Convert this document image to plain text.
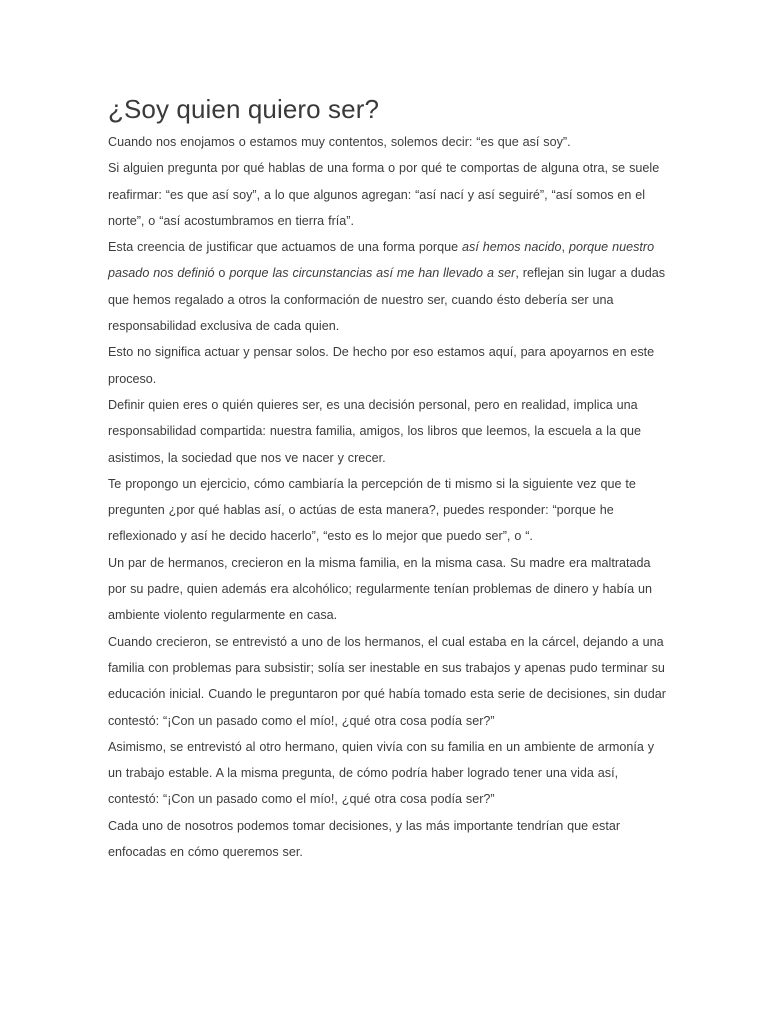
¿Soy quien quiero ser?

Cuando nos enojamos o estamos muy contentos, solemos decir: “es que así soy”.

Si alguien pregunta por qué hablas de una forma o por qué te comportas de alguna otra, se suele reafirmar: “es que así soy”, a lo que algunos agregan: “así nací y así seguiré”, “así somos en el norte”, o “así acostumbramos en tierra fría”.

Esta creencia de justificar que actuamos de una forma porque así hemos nacido, porque nuestro pasado nos definió o porque las circunstancias así me han llevado a ser, reflejan sin lugar a dudas que hemos regalado a otros la conformación de nuestro ser, cuando ésto debería ser una responsabilidad exclusiva de cada quien.

Esto no significa actuar y pensar solos. De hecho por eso estamos aquí, para apoyarnos en este proceso.

Definir quien eres o quién quieres ser, es una decisión personal, pero en realidad, implica una responsabilidad compartida: nuestra familia, amigos, los libros que leemos, la escuela a la que asistimos, la sociedad que nos ve nacer y crecer.

Te propongo un ejercicio, cómo cambiaría la percepción de ti mismo si la siguiente vez que te pregunten ¿por qué hablas así, o actúas de esta manera?, puedes responder: “porque he reflexionado y así he decido hacerlo”, “esto es lo mejor que puedo ser”, o “.

Un par de hermanos, crecieron en la misma familia, en la misma casa. Su madre era maltratada por su padre, quien además era alcohólico; regularmente tenían problemas de dinero y había un ambiente violento regularmente en casa.

Cuando crecieron, se entrevistó a uno de los hermanos, el cual estaba en la cárcel, dejando a una familia con problemas para subsistir; solía ser inestable en sus trabajos y apenas pudo terminar su educación inicial. Cuando le preguntaron por qué había tomado esta serie de decisiones, sin dudar contestó: “¡Con un pasado como el mío!, ¿qué otra cosa podía ser?”

Asimismo, se entrevistó al otro hermano, quien vivía con su familia en un ambiente de armonía y un trabajo estable. A la misma pregunta, de cómo podría haber logrado tener una vida así, contestó: “¡Con un pasado como el mío!, ¿qué otra cosa podía ser?”

Cada uno de nosotros podemos tomar decisiones, y las más importante tendrían que estar enfocadas en cómo queremos ser.
